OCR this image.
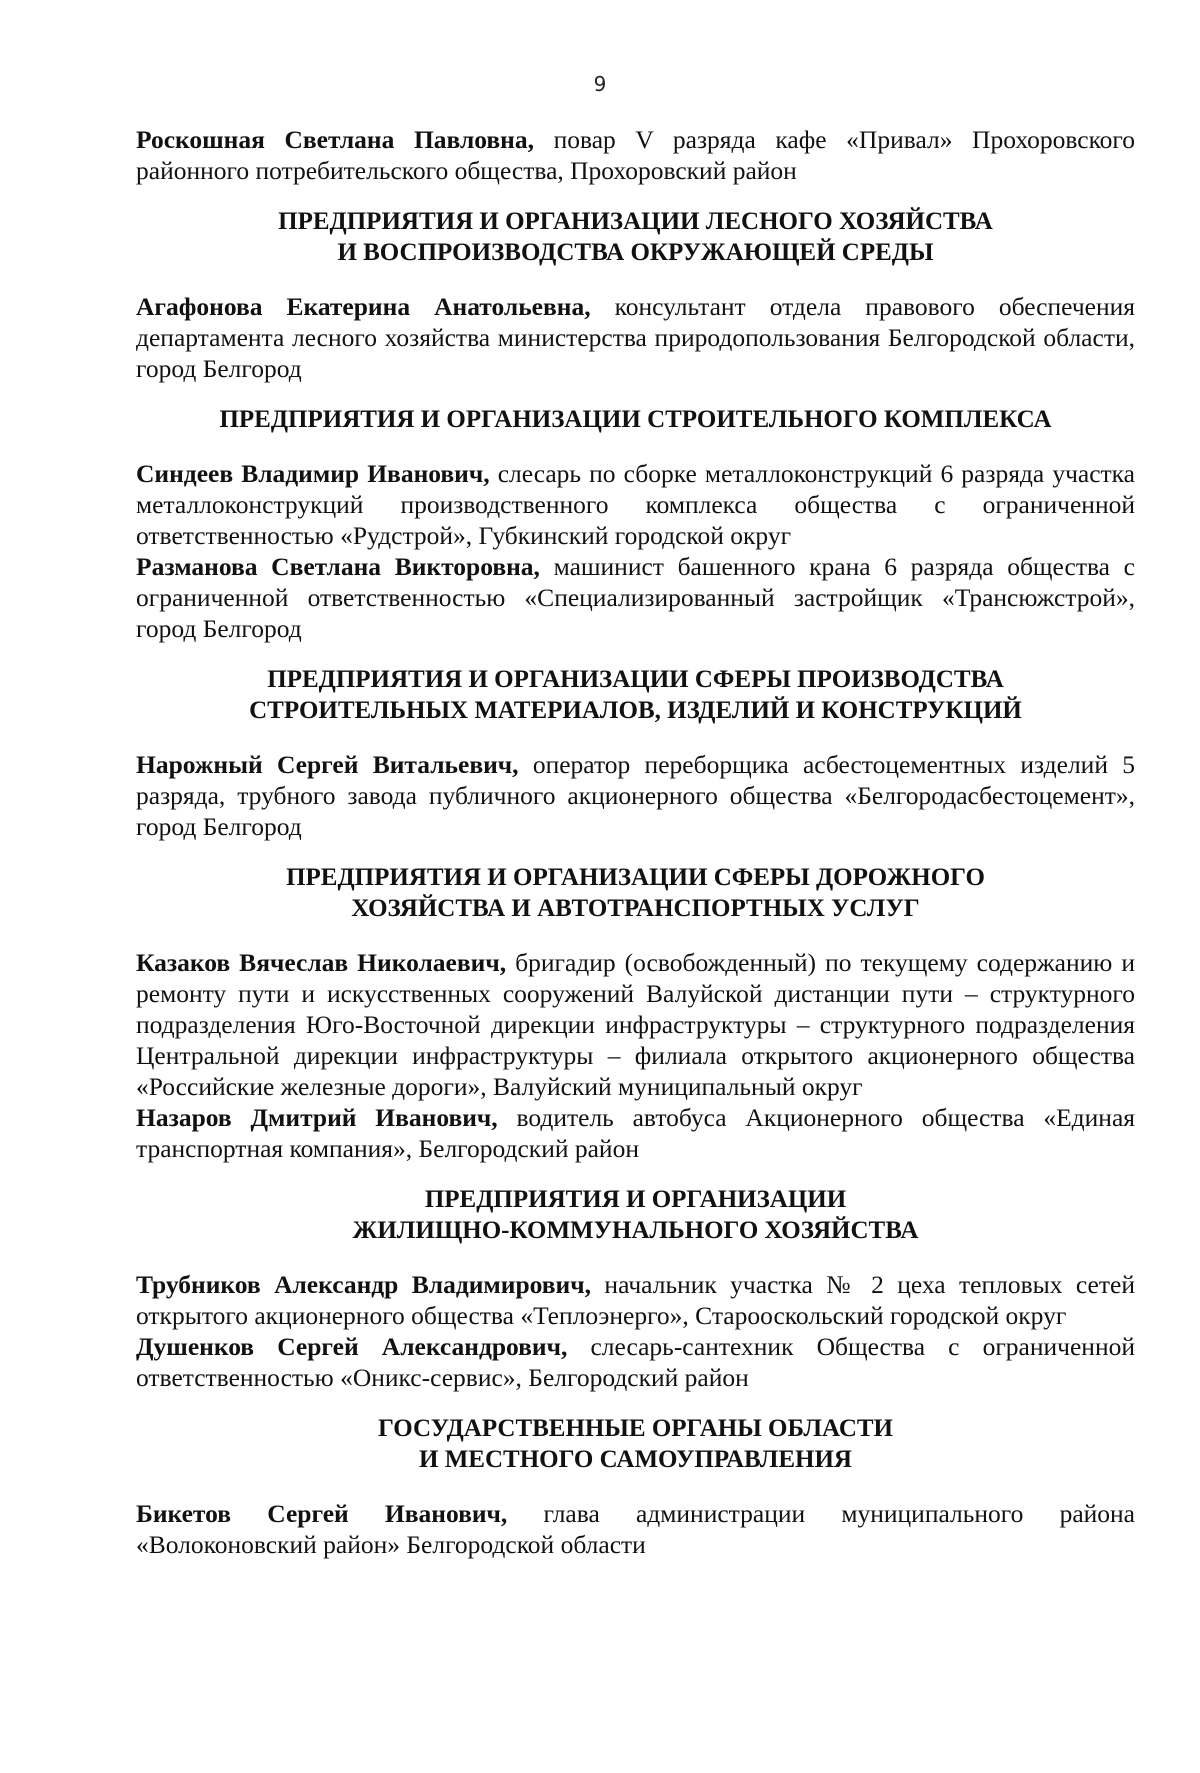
9

Роскошная Светлана Павловна, повар V разряда кафе «Привал» Прохоровского районного потребительского общества, Прохоровский район

ПРЕДПРИЯТИЯ И ОРГАНИЗАЦИИ ЛЕСНОГО ХОЗЯЙСТВА
И ВОСПРОИЗВОДСТВА ОКРУЖАЮЩЕЙ СРЕДЫ

Агафонова Екатерина Анатольевна, консультант отдела правового обеспечения департамента лесного хозяйства министерства природопользования Белгородской области, город Белгород

ПРЕДПРИЯТИЯ И ОРГАНИЗАЦИИ СТРОИТЕЛЬНОГО КОМПЛЕКСА

Синдеев Владимир Иванович, слесарь по сборке металлоконструкций 6 разряда участка металлоконструкций производственного комплекса общества с ограниченной ответственностью «Рудстрой», Губкинский городской округ

Разманова Светлана Викторовна, машинист башенного крана 6 разряда общества с ограниченной ответственностью «Специализированный застройщик «Трансюжстрой», город Белгород

ПРЕДПРИЯТИЯ И ОРГАНИЗАЦИИ СФЕРЫ ПРОИЗВОДСТВА
СТРОИТЕЛЬНЫХ МАТЕРИАЛОВ, ИЗДЕЛИЙ И КОНСТРУКЦИЙ

Нарожный Сергей Витальевич, оператор переборщика асбестоцементных изделий 5 разряда, трубного завода публичного акционерного общества «Белгородасбестоцемент», город Белгород

ПРЕДПРИЯТИЯ И ОРГАНИЗАЦИИ СФЕРЫ ДОРОЖНОГО
ХОЗЯЙСТВА И АВТОТРАНСПОРТНЫХ УСЛУГ

Казаков Вячеслав Николаевич, бригадир (освобожденный) по текущему содержанию и ремонту пути и искусственных сооружений Валуйской дистанции пути – структурного подразделения Юго-Восточной дирекции инфраструктуры – структурного подразделения Центральной дирекции инфраструктуры – филиала открытого акционерного общества «Российские железные дороги», Валуйский муниципальный округ

Назаров Дмитрий Иванович, водитель автобуса Акционерного общества «Единая транспортная компания», Белгородский район

ПРЕДПРИЯТИЯ И ОРГАНИЗАЦИИ
ЖИЛИЩНО-КОММУНАЛЬНОГО ХОЗЯЙСТВА

Трубников Александр Владимирович, начальник участка № 2 цеха тепловых сетей открытого акционерного общества «Теплоэнерго», Старооскольский городской округ

Душенков Сергей Александрович, слесарь-сантехник Общества с ограниченной ответственностью «Оникс-сервис», Белгородский район

ГОСУДАРСТВЕННЫЕ ОРГАНЫ ОБЛАСТИ
И МЕСТНОГО САМОУПРАВЛЕНИЯ

Бикетов Сергей Иванович, глава администрации муниципального района «Волоконовский район» Белгородской области
